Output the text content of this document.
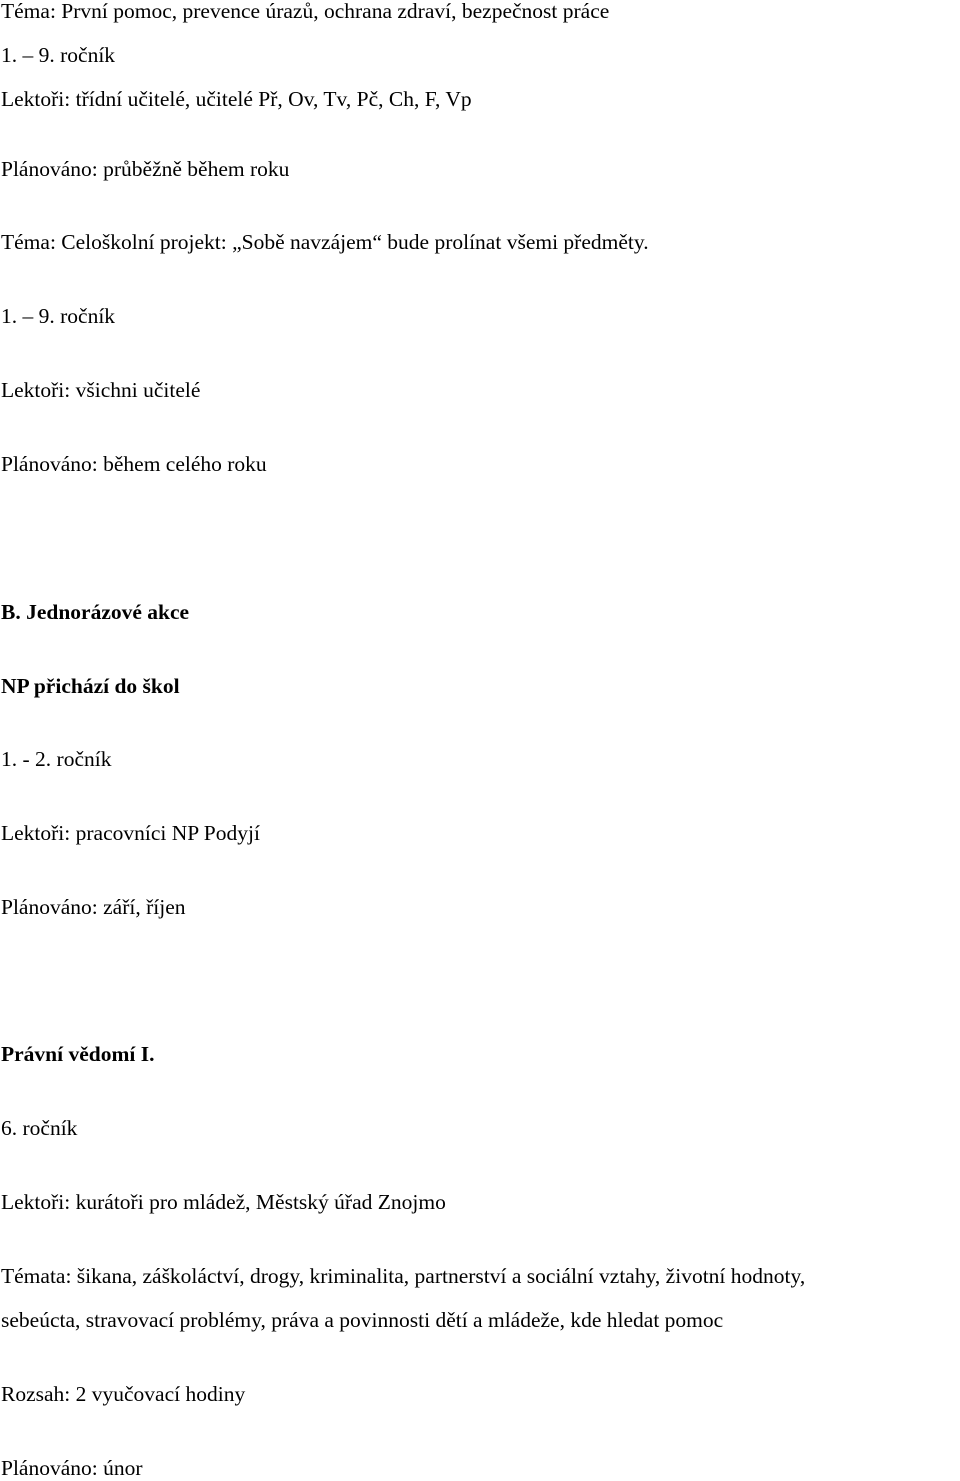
Téma: První pomoc, prevence úrazů, ochrana zdraví, bezpečnost práce

1. – 9. ročník

Lektoři: třídní učitelé, učitelé Př, Ov, Tv, Pč, Ch, F, Vp

Plánováno: průběžně během roku

Téma: Celoškolní projekt: „Sobě navzájem“ bude prolínat všemi předměty.

1. – 9. ročník

Lektoři: všichni učitelé

Plánováno: během celého roku

B. Jednorázové akce

NP přichází do škol

1. - 2. ročník

Lektoři: pracovníci NP Podyjí

Plánováno: září, říjen

Právní vědomí I.

6. ročník

Lektoři: kurátoři pro mládež, Městský úřad Znojmo

Témata: šikana, záškoláctví, drogy, kriminalita, partnerství a sociální vztahy, životní hodnoty,

sebeúcta, stravovací problémy, práva a povinnosti dětí a mládeže, kde hledat pomoc

Rozsah: 2 vyučovací hodiny

Plánováno: únor
